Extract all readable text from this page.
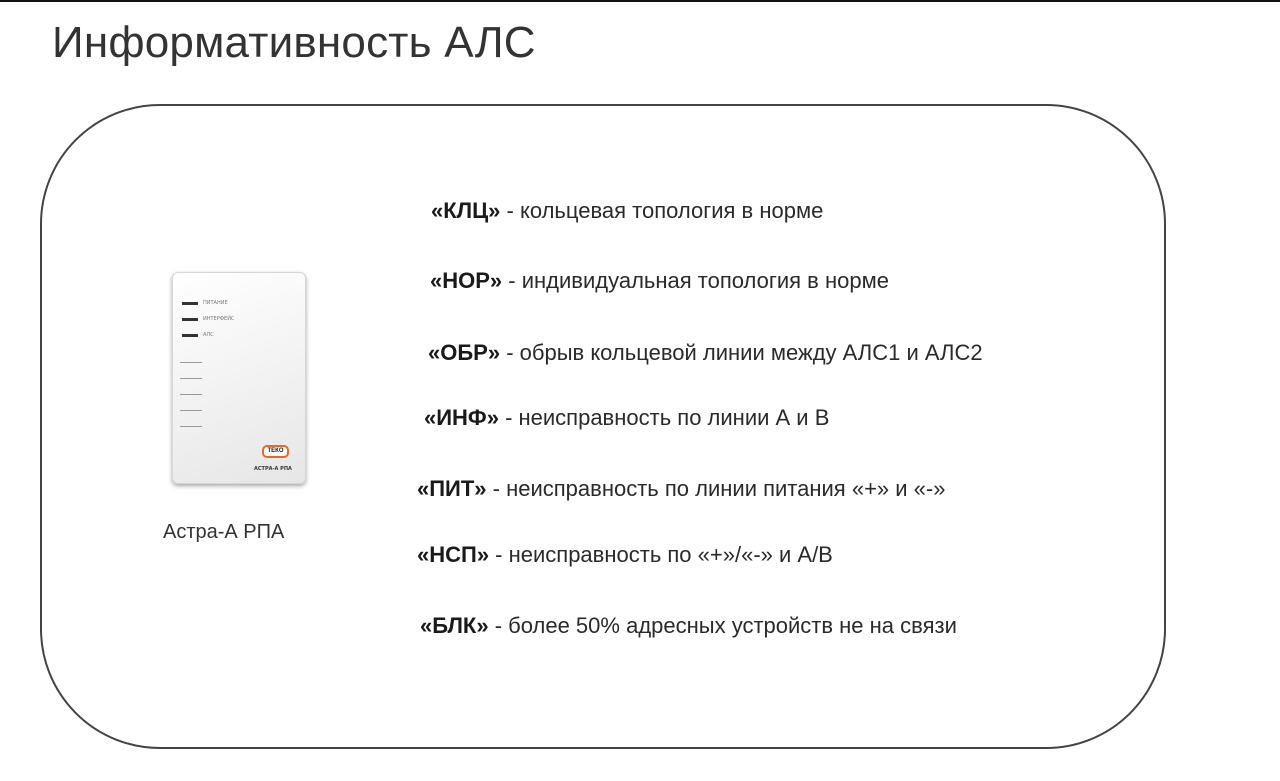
Информативность АЛС
ПИТАНИЕ
ИНТЕРФЕЙС
АЛС
ТЕКО
АСТРА-А РПА
Астра-А РПА
«КЛЦ» - кольцевая топология в норме
«НОР» - индивидуальная топология в норме
«ОБР» - обрыв кольцевой линии между АЛС1 и АЛС2
«ИНФ» - неисправность по линии А и В
«ПИТ» - неисправность по линии питания «+» и «-»
«НСП» - неисправность по «+»/«-» и А/В
«БЛК» - более 50% адресных устройств не на связи
